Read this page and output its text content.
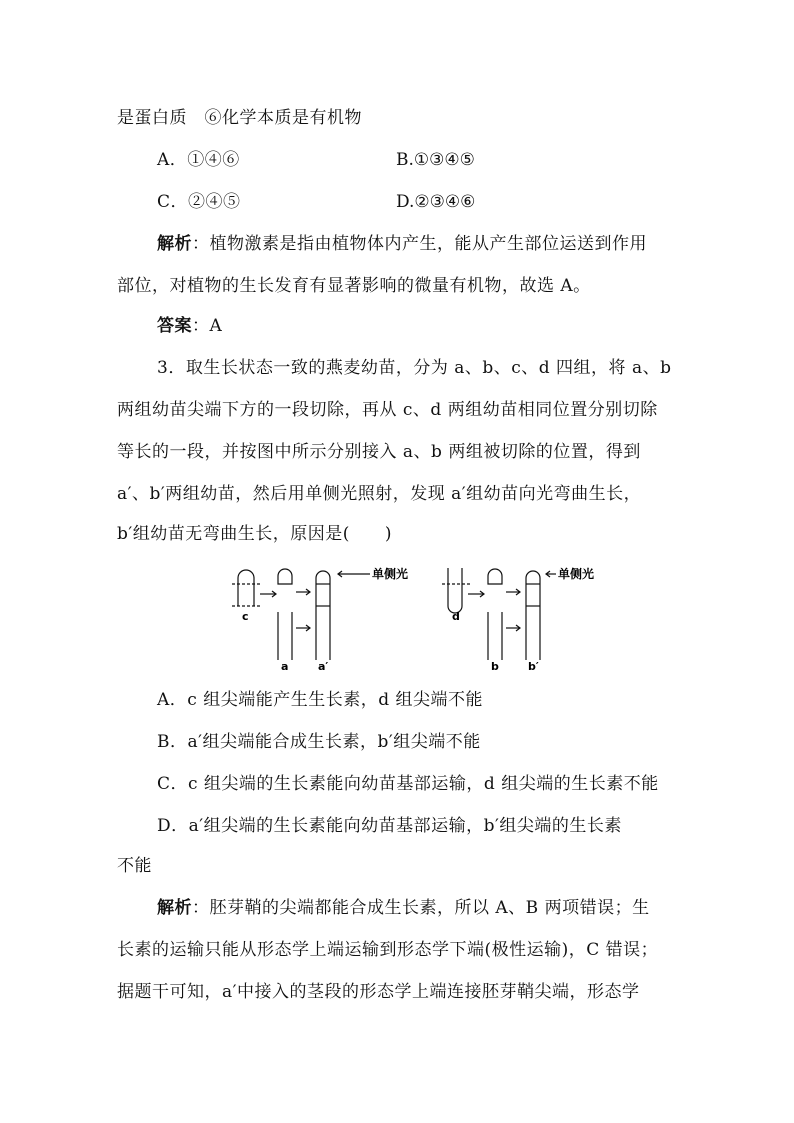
是蛋白质　⑥化学本质是有机物
A．①④⑥	B.①③④⑤
C．②④⑤	D.②③④⑥
解析：植物激素是指由植物体内产生，能从产生部位运送到作用
部位，对植物的生长发育有显著影响的微量有机物，故选 A。
答案：A
3．取生长状态一致的燕麦幼苗，分为 a、b、c、d 四组，将 a、b
两组幼苗尖端下方的一段切除，再从 c、d 两组幼苗相同位置分别切除
等长的一段，并按图中所示分别接入 a、b 两组被切除的位置，得到
a′、b′两组幼苗，然后用单侧光照射，发现 a′组幼苗向光弯曲生长，
b′组幼苗无弯曲生长，原因是(　　)
单侧光	单侧光
c
a	a′
d
b	b′
A．c 组尖端能产生生长素，d 组尖端不能
B．a′组尖端能合成生长素，b′组尖端不能
C．c 组尖端的生长素能向幼苗基部运输，d 组尖端的生长素不能
D．a′组尖端的生长素能向幼苗基部运输，b′组尖端的生长素
不能
解析：胚芽鞘的尖端都能合成生长素，所以 A、B 两项错误；生
长素的运输只能从形态学上端运输到形态学下端(极性运输)，C 错误；
据题干可知，a′中接入的茎段的形态学上端连接胚芽鞘尖端，形态学
